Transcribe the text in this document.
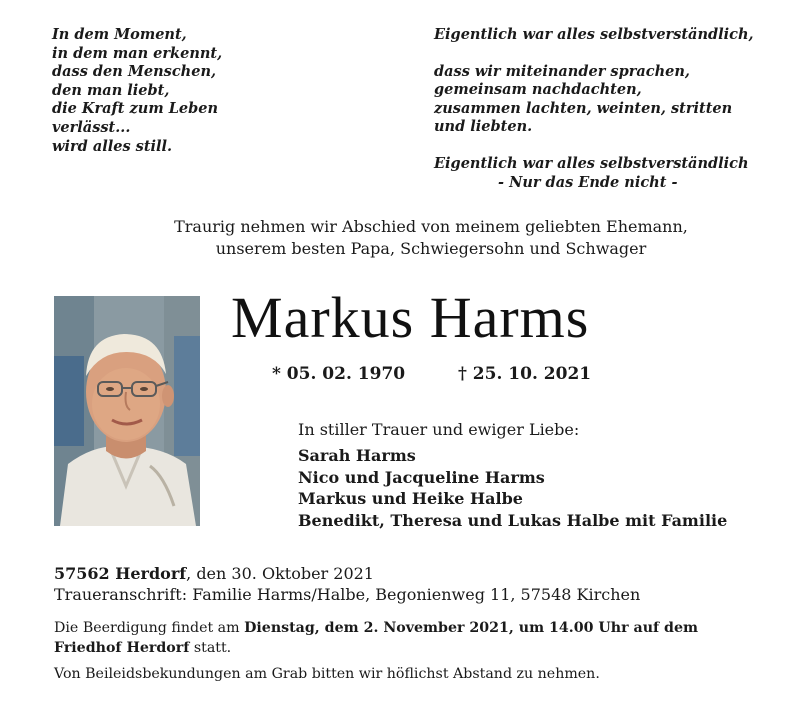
In dem Moment,
in dem man erkennt,
dass den Menschen,
den man liebt,
die Kraft zum Leben
verlässt...
wird alles still.
Eigentlich war alles selbstverständlich,
dass wir miteinander sprachen,
gemeinsam nachdachten,
zusammen lachten, weinten, stritten
und liebten.
Eigentlich war alles selbstverständlich
- Nur das Ende nicht -
Traurig nehmen wir Abschied von meinem geliebten Ehemann,
unserem besten Papa, Schwiegersohn und Schwager
Markus Harms
* 05. 02. 1970	† 25. 10. 2021
In stiller Trauer und ewiger Liebe:
Sarah Harms
Nico und Jacqueline Harms
Markus und Heike Halbe
Benedikt, Theresa und Lukas Halbe mit Familie
57562 Herdorf, den 30. Oktober 2021
Traueranschrift: Familie Harms/Halbe, Begonienweg 11, 57548 Kirchen
Die Beerdigung findet am Dienstag, dem 2. November 2021, um 14.00 Uhr auf dem
Friedhof Herdorf statt.
Von Beileidsbekundungen am Grab bitten wir höflichst Abstand zu nehmen.
